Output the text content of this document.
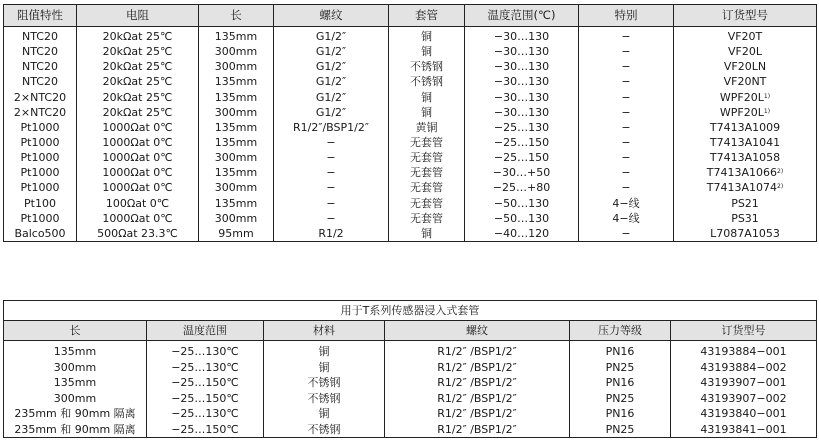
阻值特性	电阻	长	螺纹	套管	温度范围(℃)	特别	订货型号
NTC20	20kΩat 25℃	135mm	G1/2″	铜	−30…130	−	VF20T
NTC20	20kΩat 25℃	300mm	G1/2″	铜	−30…130	−	VF20L
NTC20	20kΩat 25℃	300mm	G1/2″	不锈钢	−30…130	−	VF20LN
NTC20	20kΩat 25℃	135mm	G1/2″	不锈钢	−30…130	−	VF20NT
2×NTC20	20kΩat 25℃	135mm	G1/2″	铜	−30…130	−	$WPF20L^{1)}$
2×NTC20	20kΩat 25℃	300mm	G1/2″	铜	−30…130	−	$WPF20L^{1)}$
Pt1000	1000Ωat 0℃	135mm	R1/2″/BSP1/2″	黄铜	−25…130	−	T7413A1009
Pt1000	1000Ωat 0℃	135mm	−	无套管	−25…150	−	T7413A1041
Pt1000	1000Ωat 0℃	300mm	−	无套管	−25…150	−	T7413A1058
Pt1000	1000Ωat 0℃	135mm	−	无套管	−30…+50	−	$T7413A1066^{2)}$
Pt1000	1000Ωat 0℃	300mm	−	无套管	−25…+80	−	$T7413A1074^{2)}$
Pt100	100Ωat 0℃	135mm	−	无套管	−50…130	4−线	PS21
Pt1000	1000Ωat 0℃	300mm	−	无套管	−50…130	4−线	PS31
Balco500	500Ωat 23.3℃	95mm	R1/2	铜	−40…120	−	L7087A1053
用于T系列传感器浸入式套管					
长	温度范围	材料	螺纹	压力等级	订货型号
135mm	−25…130℃	铜	R1/2″ /BSP1/2″	PN16	43193884−001
300mm	−25…130℃	铜	R1/2″ /BSP1/2″	PN25	43193884−002
135mm	−25…150℃	不锈钢	R1/2″ /BSP1/2″	PN16	43193907−001
300mm	−25…150℃	不锈钢	R1/2″ /BSP1/2″	PN25	43193907−002
235mm 和 90mm 隔离	−25…130℃	铜	R1/2″ /BSP1/2″	PN16	43193840−001
235mm 和 90mm 隔离	−25…150℃	不锈钢	R1/2″ /BSP1/2″	PN25	43193841−001
